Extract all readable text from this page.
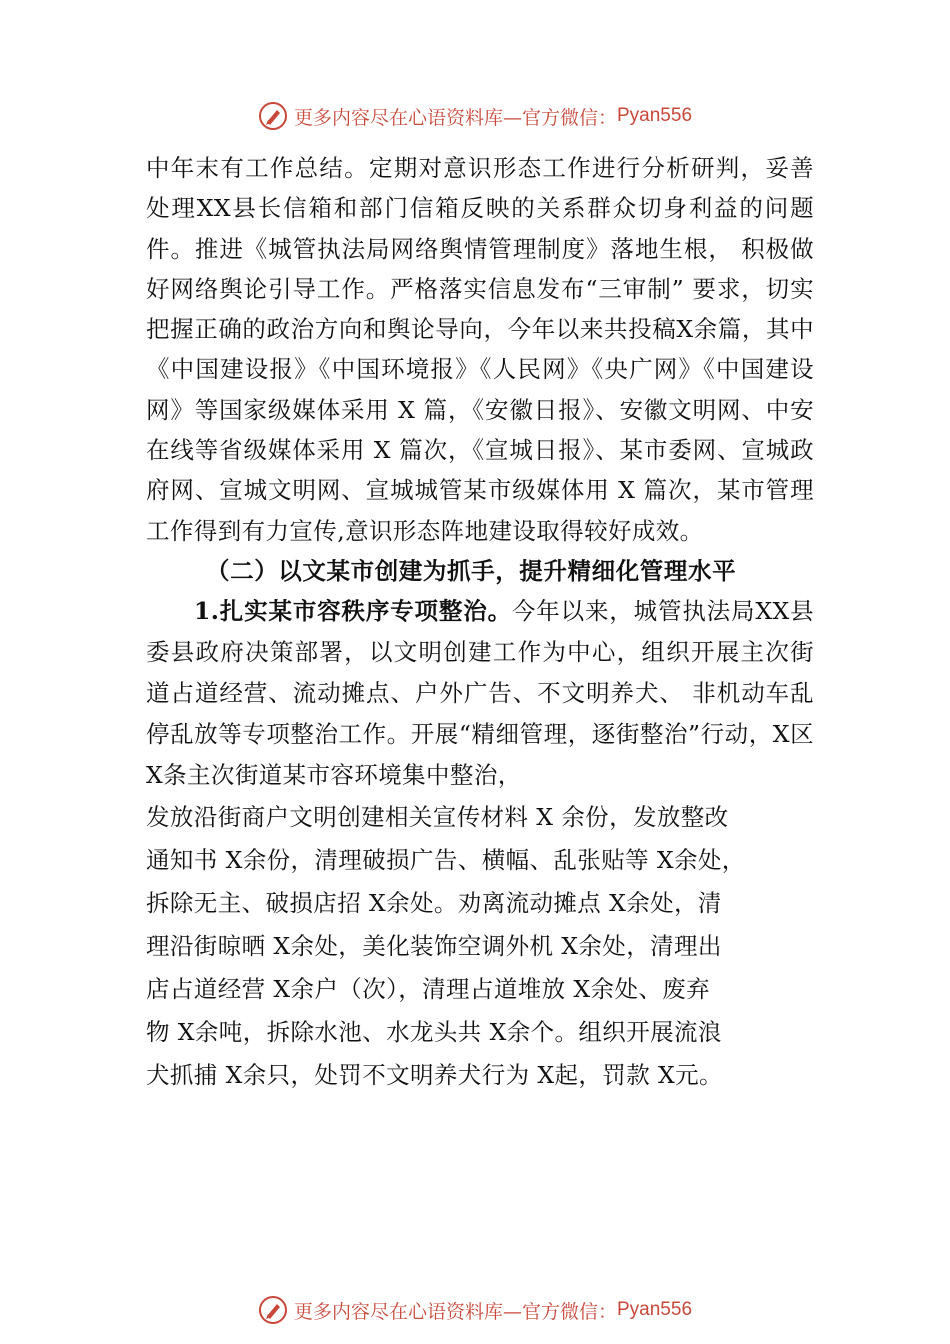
更多内容尽在心语资料库—官方微信： Pyan556

中年末有工作总结。定期对意识形态工作进行分析研判，妥善处理XX县长信箱和部门信箱反映的关系群众切身利益的问题件。推进《城管执法局网络舆情管理制度》落地生根， 积极做好网络舆论引导工作。严格落实信息发布“三审制” 要求，切实把握正确的政治方向和舆论导向，今年以来共投稿X余篇，其中《中国建设报》《中国环境报》《人民网》《央广网》《中国建设网》等国家级媒体采用 X 篇，《安徽日报》、安徽文明网、中安在线等省级媒体采用 X 篇次，《宣城日报》、某市委网、宣城政府网、宣城文明网、宣城城管某市级媒体用 X 篇次，某市管理工作得到有力宣传,意识形态阵地建设取得较好成效。

（二）以文某市创建为抓手，提升精细化管理水平

1.扎实某市容秩序专项整治。今年以来，城管执法局XX县委县政府决策部署，以文明创建工作为中心，组织开展主次街道占道经营、流动摊点、户外广告、不文明养犬、 非机动车乱停乱放等专项整治工作。开展“精细管理，逐街整治”行动，X区 X条主次街道某市容环境集中整治，

发放沿街商户文明创建相关宣传材料 X 余份，发放整改
通知书 X余份，清理破损广告、横幅、乱张贴等 X余处，
拆除无主、破损店招 X余处。劝离流动摊点 X余处，清
理沿街晾晒 X余处，美化装饰空调外机 X余处，清理出
店占道经营 X余户（次），清理占道堆放 X余处、废弃
物 X余吨，拆除水池、水龙头共 X余个。组织开展流浪
犬抓捕 X余只，处罚不文明养犬行为 X起，罚款 X元。
更多内容尽在心语资料库—官方微信： Pyan556
